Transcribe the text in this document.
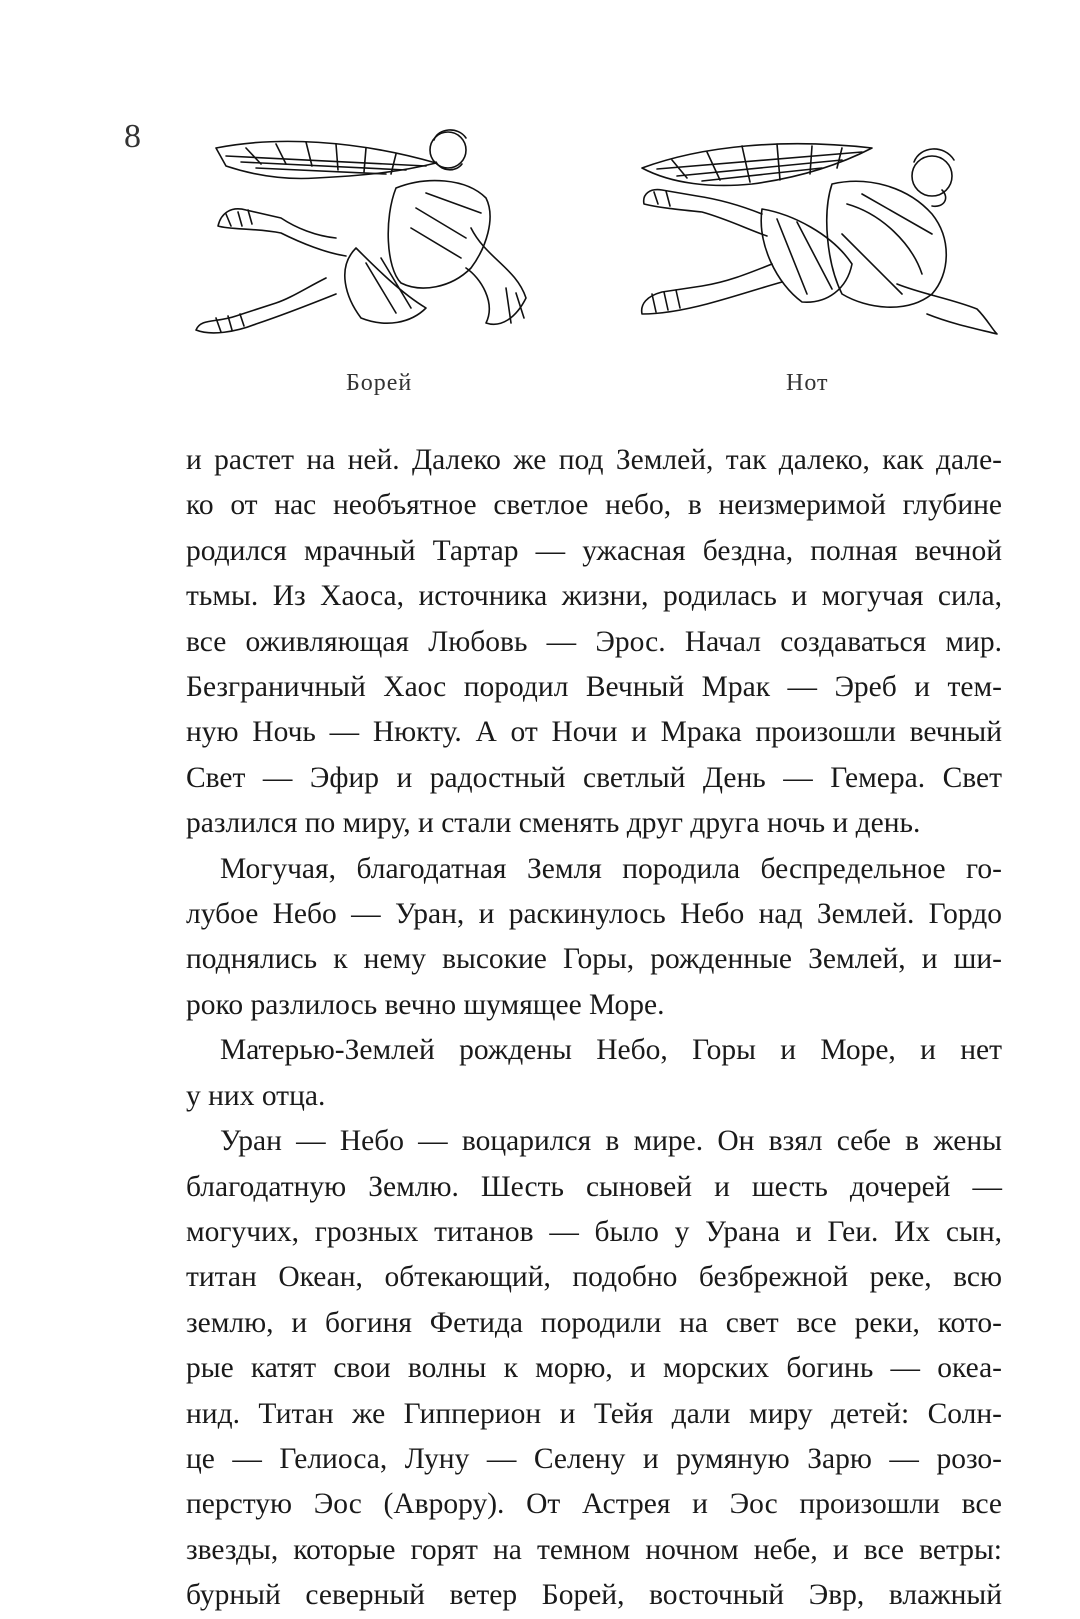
8
Борей	Нот

и растет на ней. Далеко же под Землей, так далеко, как дале-

ко от нас необъятное светлое небо, в неизмеримой глубине

родился мрачный Тартар — ужасная бездна, полная вечной

тьмы. Из Хаоса, источника жизни, родилась и могучая сила,

все оживляющая Любовь — Эрос. Начал создаваться мир.

Безграничный Хаос породил Вечный Мрак — Эреб и тем-

ную Ночь — Нюкту. А от Ночи и Мрака произошли вечный

Свет — Эфир и радостный светлый День — Гемера. Свет

разлился по миру, и стали сменять друг друга ночь и день.

Могучая, благодатная Земля породила беспредельное го-

лубое Небо — Уран, и раскинулось Небо над Землей. Гордо

поднялись к нему высокие Горы, рожденные Землей, и ши-

роко разлилось вечно шумящее Море.

Матерью-Землей рождены Небо, Горы и Море, и нет

у них отца.

Уран — Небо — воцарился в мире. Он взял себе в жены

благодатную Землю. Шесть сыновей и шесть дочерей —

могучих, грозных титанов — было у Урана и Геи. Их сын,

титан Океан, обтекающий, подобно безбрежной реке, всю

землю, и богиня Фетида породили на свет все реки, кото-

рые катят свои волны к морю, и морских богинь — океа-

нид. Титан же Гипперион и Тейя дали миру детей: Солн-

це — Гелиоса, Луну — Селену и румяную Зарю — розо-

перстую Эос (Аврору). От Астрея и Эос произошли все

звезды, которые горят на темном ночном небе, и все ветры:

бурный северный ветер Борей, восточный Эвр, влажный
